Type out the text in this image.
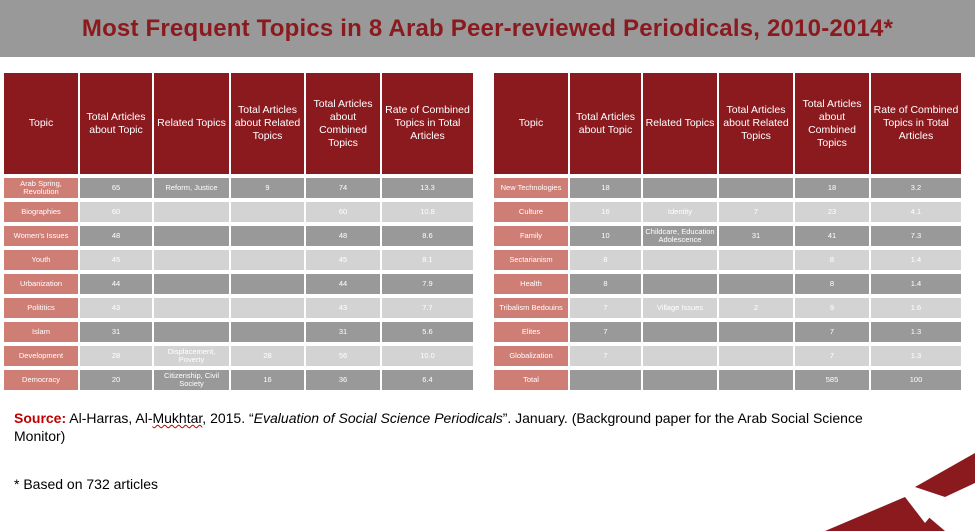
Most Frequent Topics in 8 Arab Peer-reviewed Periodicals, 2010-2014*
Topic	Total Articles about Topic	Related Topics	Total Articles about Related Topics	Total Articles about Combined Topics	Rate of Combined Topics in Total Articles
Arab Spring, Revolution	65	Reform, Justice	9	74	13.3
Biographies	60			60	10.8
Women's Issues	48			48	8.6
Youth	45			45	8.1
Urbanization	44			44	7.9
Polititics	43			43	7.7
Islam	31			31	5.6
Development	28	Displacement, Poverty	28	56	10.0
Democracy	20	Citizenship, Civil Society	16	36	6.4
Topic	Total Articles about Topic	Related Topics	Total Articles about Related Topics	Total Articles about Combined Topics	Rate of Combined Topics in Total Articles
New Technologies	18			18	3.2
Culture	16	Identity	7	23	4.1
Family	10	Childcare, Education Adolescence	31	41	7.3
Sectarianism	8			8	1.4
Health	8			8	1.4
Tribalism Bedouins	7	Village Issues	2	9	1.6
Elites	7			7	1.3
Globalization	7			7	1.3
Total				585	100
Source: Al-Harras, Al-Mukhtar, 2015. “Evaluation of Social Science Periodicals”. January. (Background paper for the Arab Social Science Monitor)
* Based on 732 articles
